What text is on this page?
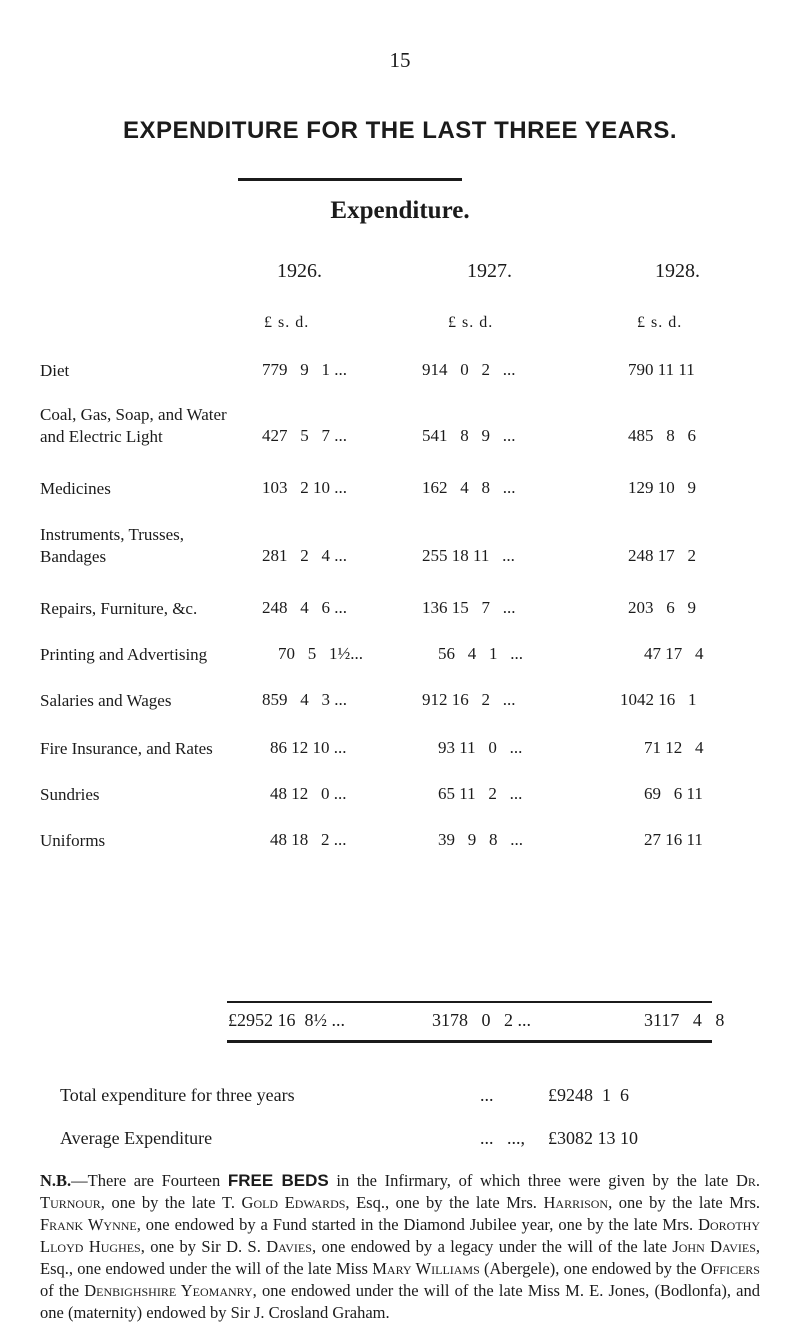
15
EXPENDITURE FOR THE LAST THREE YEARS.
Expenditure.
1926.	1927.	1928.
£ s. d.	£ s. d.	£ s. d.
Diet	779   9   1 ...	914   0   2   ...	790 11 11
Coal, Gas, Soap, and Water and Electric Light	427   5   7 ...	541   8   9   ...	485   8   6
Medicines	103   2 10 ...	162   4   8   ...	129 10   9
Instruments, Trusses, Bandages	281   2   4 ...	255 18 11   ...	248 17   2
Repairs, Furniture, &c.	248   4   6 ...	136 15   7   ...	203   6   9
Printing and Advertising	70   5   1½...	56   4   1   ...	47 17   4
Salaries and Wages	859   4   3 ...	912 16   2   ...	1042 16   1
Fire Insurance, and Rates	86 12 10 ...	93 11   0   ...	71 12   4
Sundries	48 12   0 ...	65 11   2   ...	69   6 11
Uniforms	48 18   2 ...	39   9   8   ...	27 16 11
£2952 16  8½ ...	3178   0   2 ...	3117   4   8
Total expenditure for three years	...	£9248  1  6
Average Expenditure	...   ..., £3082 13 10
N.B.—There are Fourteen FREE BEDS in the Infirmary, of which three were given by the late Dr. Turnour, one by the late T. Gold Edwards, Esq., one by the late Mrs. Harrison, one by the late Mrs. Frank Wynne, one endowed by a Fund started in the Diamond Jubilee year, one by the late Mrs. Dorothy Lloyd Hughes, one by Sir D. S. Davies, one endowed by a legacy under the will of the late John Davies, Esq., one endowed under the will of the late Miss Mary Williams (Abergele), one endowed by the Officers of the Denbighshire Yeomanry, one endowed under the will of the late Miss M. E. Jones, (Bodlonfa), and one (maternity) endowed by Sir J. Crosland Graham.
